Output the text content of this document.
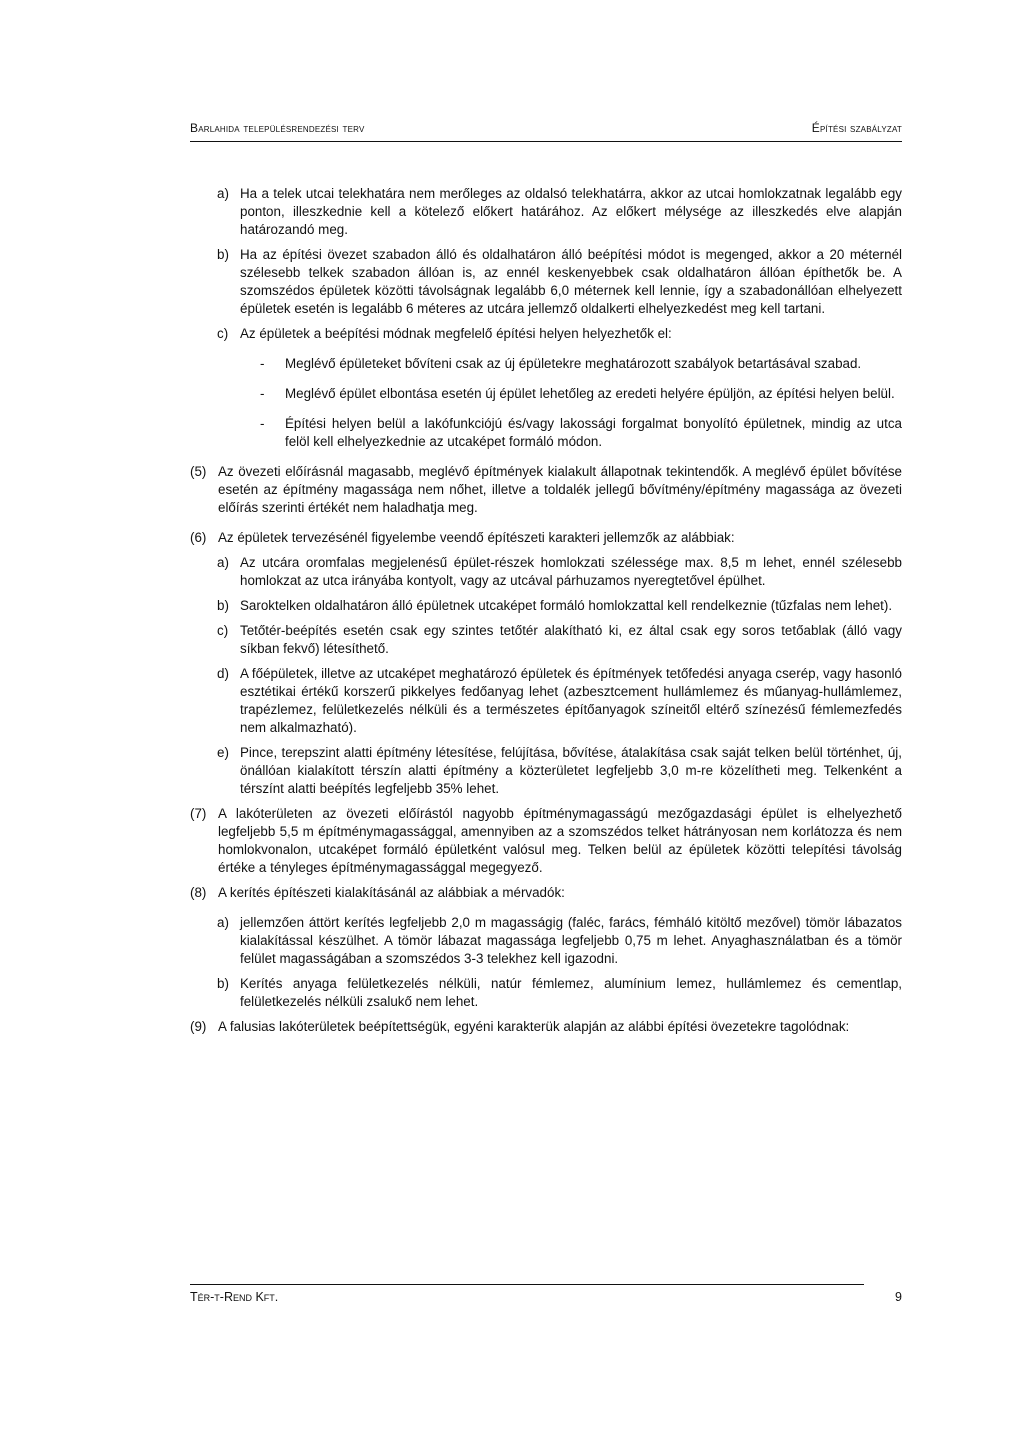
Barlahida településrendezési terv	Építési szabályzat

a) Ha a telek utcai telekhatára nem merőleges az oldalsó telekhatárra, akkor az utcai homlokzatnak legalább egy ponton, illeszkednie kell a kötelező előkert határához. Az előkert mélysége az illeszkedés elve alapján határozandó meg.

b) Ha az építési övezet szabadon álló és oldalhatáron álló beépítési módot is megenged, akkor a 20 méternél szélesebb telkek szabadon állóan is, az ennél keskenyebbek csak oldalhatáron állóan építhetők be. A szomszédos épületek közötti távolságnak legalább 6,0 méternek kell lennie, így a szabadonállóan elhelyezett épületek esetén is legalább 6 méteres az utcára jellemző oldalkerti elhelyezkedést meg kell tartani.

c) Az épületek a beépítési módnak megfelelő építési helyen helyezhetők el:

- Meglévő épületeket bővíteni csak az új épületekre meghatározott szabályok betartásával szabad.

- Meglévő épület elbontása esetén új épület lehetőleg az eredeti helyére épüljön, az építési helyen belül.

- Építési helyen belül a lakófunkciójú és/vagy lakossági forgalmat bonyolító épületnek, mindig az utca felöl kell elhelyezkednie az utcaképet formáló módon.

(5) Az övezeti előírásnál magasabb, meglévő építmények kialakult állapotnak tekintendők. A meglévő épület bővítése esetén az építmény magassága nem nőhet, illetve a toldalék jellegű bővítmény/építmény magassága az övezeti előírás szerinti értékét nem haladhatja meg.

(6) Az épületek tervezésénél figyelembe veendő építészeti karakteri jellemzők az alábbiak:

a) Az utcára oromfalas megjelenésű épület-részek homlokzati szélessége max. 8,5 m lehet, ennél szélesebb homlokzat az utca irányába kontyolt, vagy az utcával párhuzamos nyeregtetővel épülhet.

b) Saroktelken oldalhatáron álló épületnek utcaképet formáló homlokzattal kell rendelkeznie (tűzfalas nem lehet).

c) Tetőtér-beépítés esetén csak egy szintes tetőtér alakítható ki, ez által csak egy soros tetőablak (álló vagy síkban fekvő) létesíthető.

d) A főépületek, illetve az utcaképet meghatározó épületek és építmények tetőfedési anyaga cserép, vagy hasonló esztétikai értékű korszerű pikkelyes fedőanyag lehet (azbesztcement hullámlemez és műanyag-hullámlemez, trapézlemez, felületkezelés nélküli és a természetes építőanyagok színeitől eltérő színezésű fémlemezfedés nem alkalmazható).

e) Pince, terepszint alatti építmény létesítése, felújítása, bővítése, átalakítása csak saját telken belül történhet, új, önállóan kialakított térszín alatti építmény a közterületet legfeljebb 3,0 m-re közelítheti meg. Telkenként a térszínt alatti beépítés legfeljebb 35% lehet.

(7) A lakóterületen az övezeti előírástól nagyobb építménymagasságú mezőgazdasági épület is elhelyezhető legfeljebb 5,5 m építménymagassággal, amennyiben az a szomszédos telket hátrányosan nem korlátozza és nem homlokvonalon, utcaképet formáló épületként valósul meg. Telken belül az épületek közötti telepítési távolság értéke a tényleges építménymagassággal megegyező.

(8) A kerítés építészeti kialakításánál az alábbiak a mérvadók:

a) jellemzően áttört kerítés legfeljebb 2,0 m magasságig (faléc, farács, fémháló kitöltő mezővel) tömör lábazatos kialakítással készülhet. A tömör lábazat magassága legfeljebb 0,75 m lehet. Anyaghasználatban és a tömör felület magasságában a szomszédos 3-3 telekhez kell igazodni.

b) Kerítés anyaga felületkezelés nélküli, natúr fémlemez, alumínium lemez, hullámlemez és cementlap, felületkezelés nélküli zsalukő nem lehet.

(9) A falusias lakóterületek beépítettségük, egyéni karakterük alapján az alábbi építési övezetekre tagolódnak:

Tér-t-Rend Kft.	9
